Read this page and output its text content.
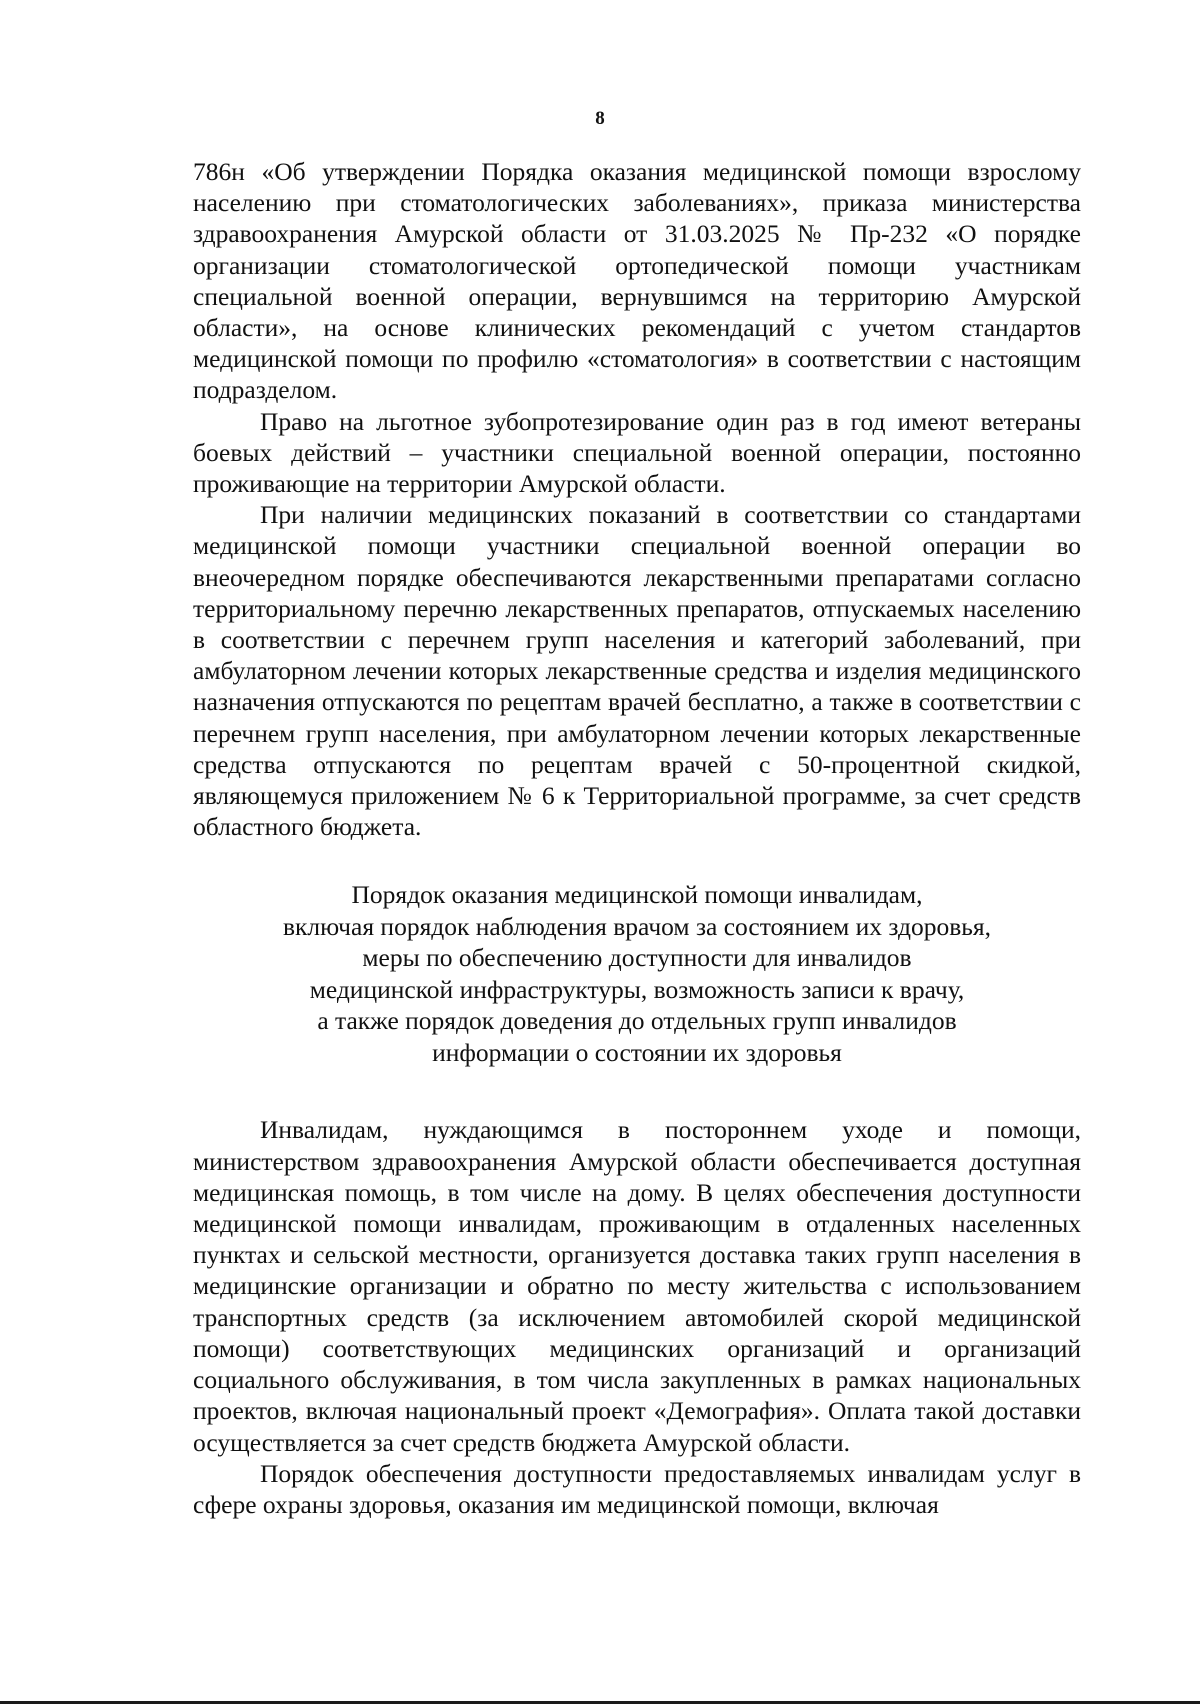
8

786н «Об утверждении Порядка оказания медицинской помощи взрослому населению при стоматологических заболеваниях», приказа министерства здравоохранения Амурской области от 31.03.2025 № Пр-232 «О порядке организации стоматологической ортопедической помощи участникам специальной военной операции, вернувшимся на территорию Амурской области», на основе клинических рекомендаций с учетом стандартов медицинской помощи по профилю «стоматология» в соответствии с настоящим подразделом.

Право на льготное зубопротезирование один раз в год имеют ветераны боевых действий – участники специальной военной операции, постоянно проживающие на территории Амурской области.

При наличии медицинских показаний в соответствии со стандартами медицинской помощи участники специальной военной операции во внеочередном порядке обеспечиваются лекарственными препаратами согласно территориальному перечню лекарственных препаратов, отпускаемых населению в соответствии с перечнем групп населения и категорий заболеваний, при амбулаторном лечении которых лекарственные средства и изделия медицинского назначения отпускаются по рецептам врачей бесплатно, а также в соответствии с перечнем групп населения, при амбулаторном лечении которых лекарственные средства отпускаются по рецептам врачей с 50-процентной скидкой, являющемуся приложением № 6 к Территориальной программе, за счет средств областного бюджета.

Порядок оказания медицинской помощи инвалидам,
включая порядок наблюдения врачом за состоянием их здоровья,
меры по обеспечению доступности для инвалидов
медицинской инфраструктуры, возможность записи к врачу,
а также порядок доведения до отдельных групп инвалидов
информации о состоянии их здоровья

Инвалидам, нуждающимся в постороннем уходе и помощи, министерством здравоохранения Амурской области обеспечивается доступная медицинская помощь, в том числе на дому. В целях обеспечения доступности медицинской помощи инвалидам, проживающим в отдаленных населенных пунктах и сельской местности, организуется доставка таких групп населения в медицинские организации и обратно по месту жительства с использованием транспортных средств (за исключением автомобилей скорой медицинской помощи) соответствующих медицинских организаций и организаций социального обслуживания, в том числа закупленных в рамках национальных проектов, включая национальный проект «Демография». Оплата такой доставки осуществляется за счет средств бюджета Амурской области.

Порядок обеспечения доступности предоставляемых инвалидам услуг в сфере охраны здоровья, оказания им медицинской помощи, включая
